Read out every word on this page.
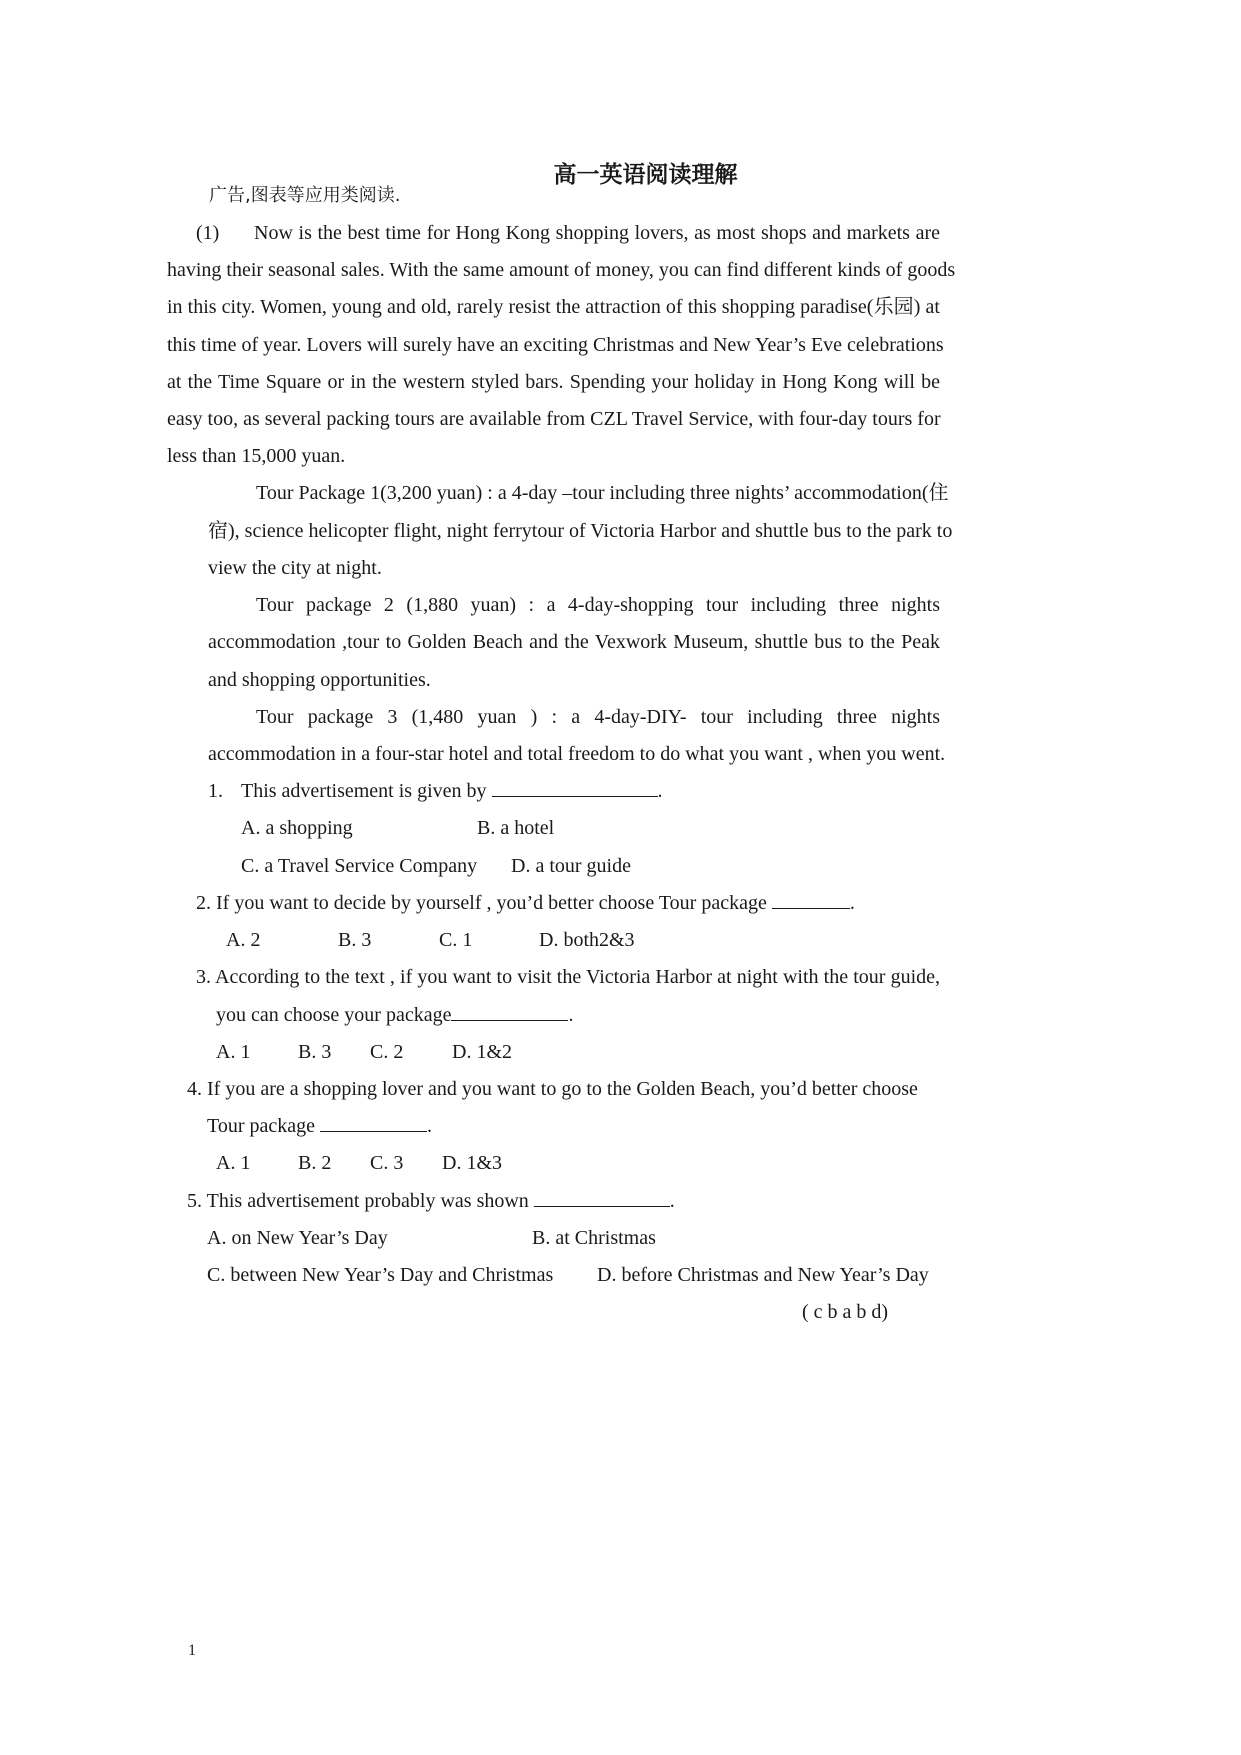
高一英语阅读理解
广告,图表等应用类阅读.
(1) Now is the best time for Hong Kong shopping lovers, as most shops and markets are
having their seasonal sales. With the same amount of money, you can find different kinds of goods
in this city. Women, young and old, rarely resist the attraction of this shopping paradise(乐园) at
this time of year. Lovers will surely have an exciting Christmas and New Year’s Eve celebrations
at the Time Square or in the western styled bars. Spending your holiday in Hong Kong will be
easy too, as several packing tours are available from CZL Travel Service, with four-day tours for
less than 15,000 yuan.
Tour Package 1(3,200 yuan) : a 4-day –tour including three nights’ accommodation(住
宿), science helicopter flight, night ferrytour of Victoria Harbor and shuttle bus to the park to
view the city at night.
Tour package 2 (1,880 yuan) : a 4-day-shopping tour including three nights
accommodation ,tour to Golden Beach and the Vexwork Museum, shuttle bus to the Peak
and shopping opportunities.
Tour package 3 (1,480 yuan ) : a 4-day-DIY- tour including three nights
accommodation in a four-star hotel and total freedom to do what you want , when you went.
1. This advertisement is given by	.
A. a shopping	B. a hotel
C. a Travel Service Company D. a tour guide
2. If you want to decide by yourself , you’d better choose Tour package	.
A. 2	B. 3	C. 1	D. both2&3
3. According to the text , if you want to visit the Victoria Harbor at night with the tour guide,
you can choose your package	.
A. 1 B. 3 C. 2 D. 1&2
4. If you are a shopping lover and you want to go to the Golden Beach, you’d better choose
Tour package	.
A. 1 B. 2 C. 3 D. 1&3
5. This advertisement probably was shown	.
A. on New Year’s Day	B. at Christmas
C. between New Year’s Day and Christmas D. before Christmas and New Year’s Day
( c b a b d)
1
